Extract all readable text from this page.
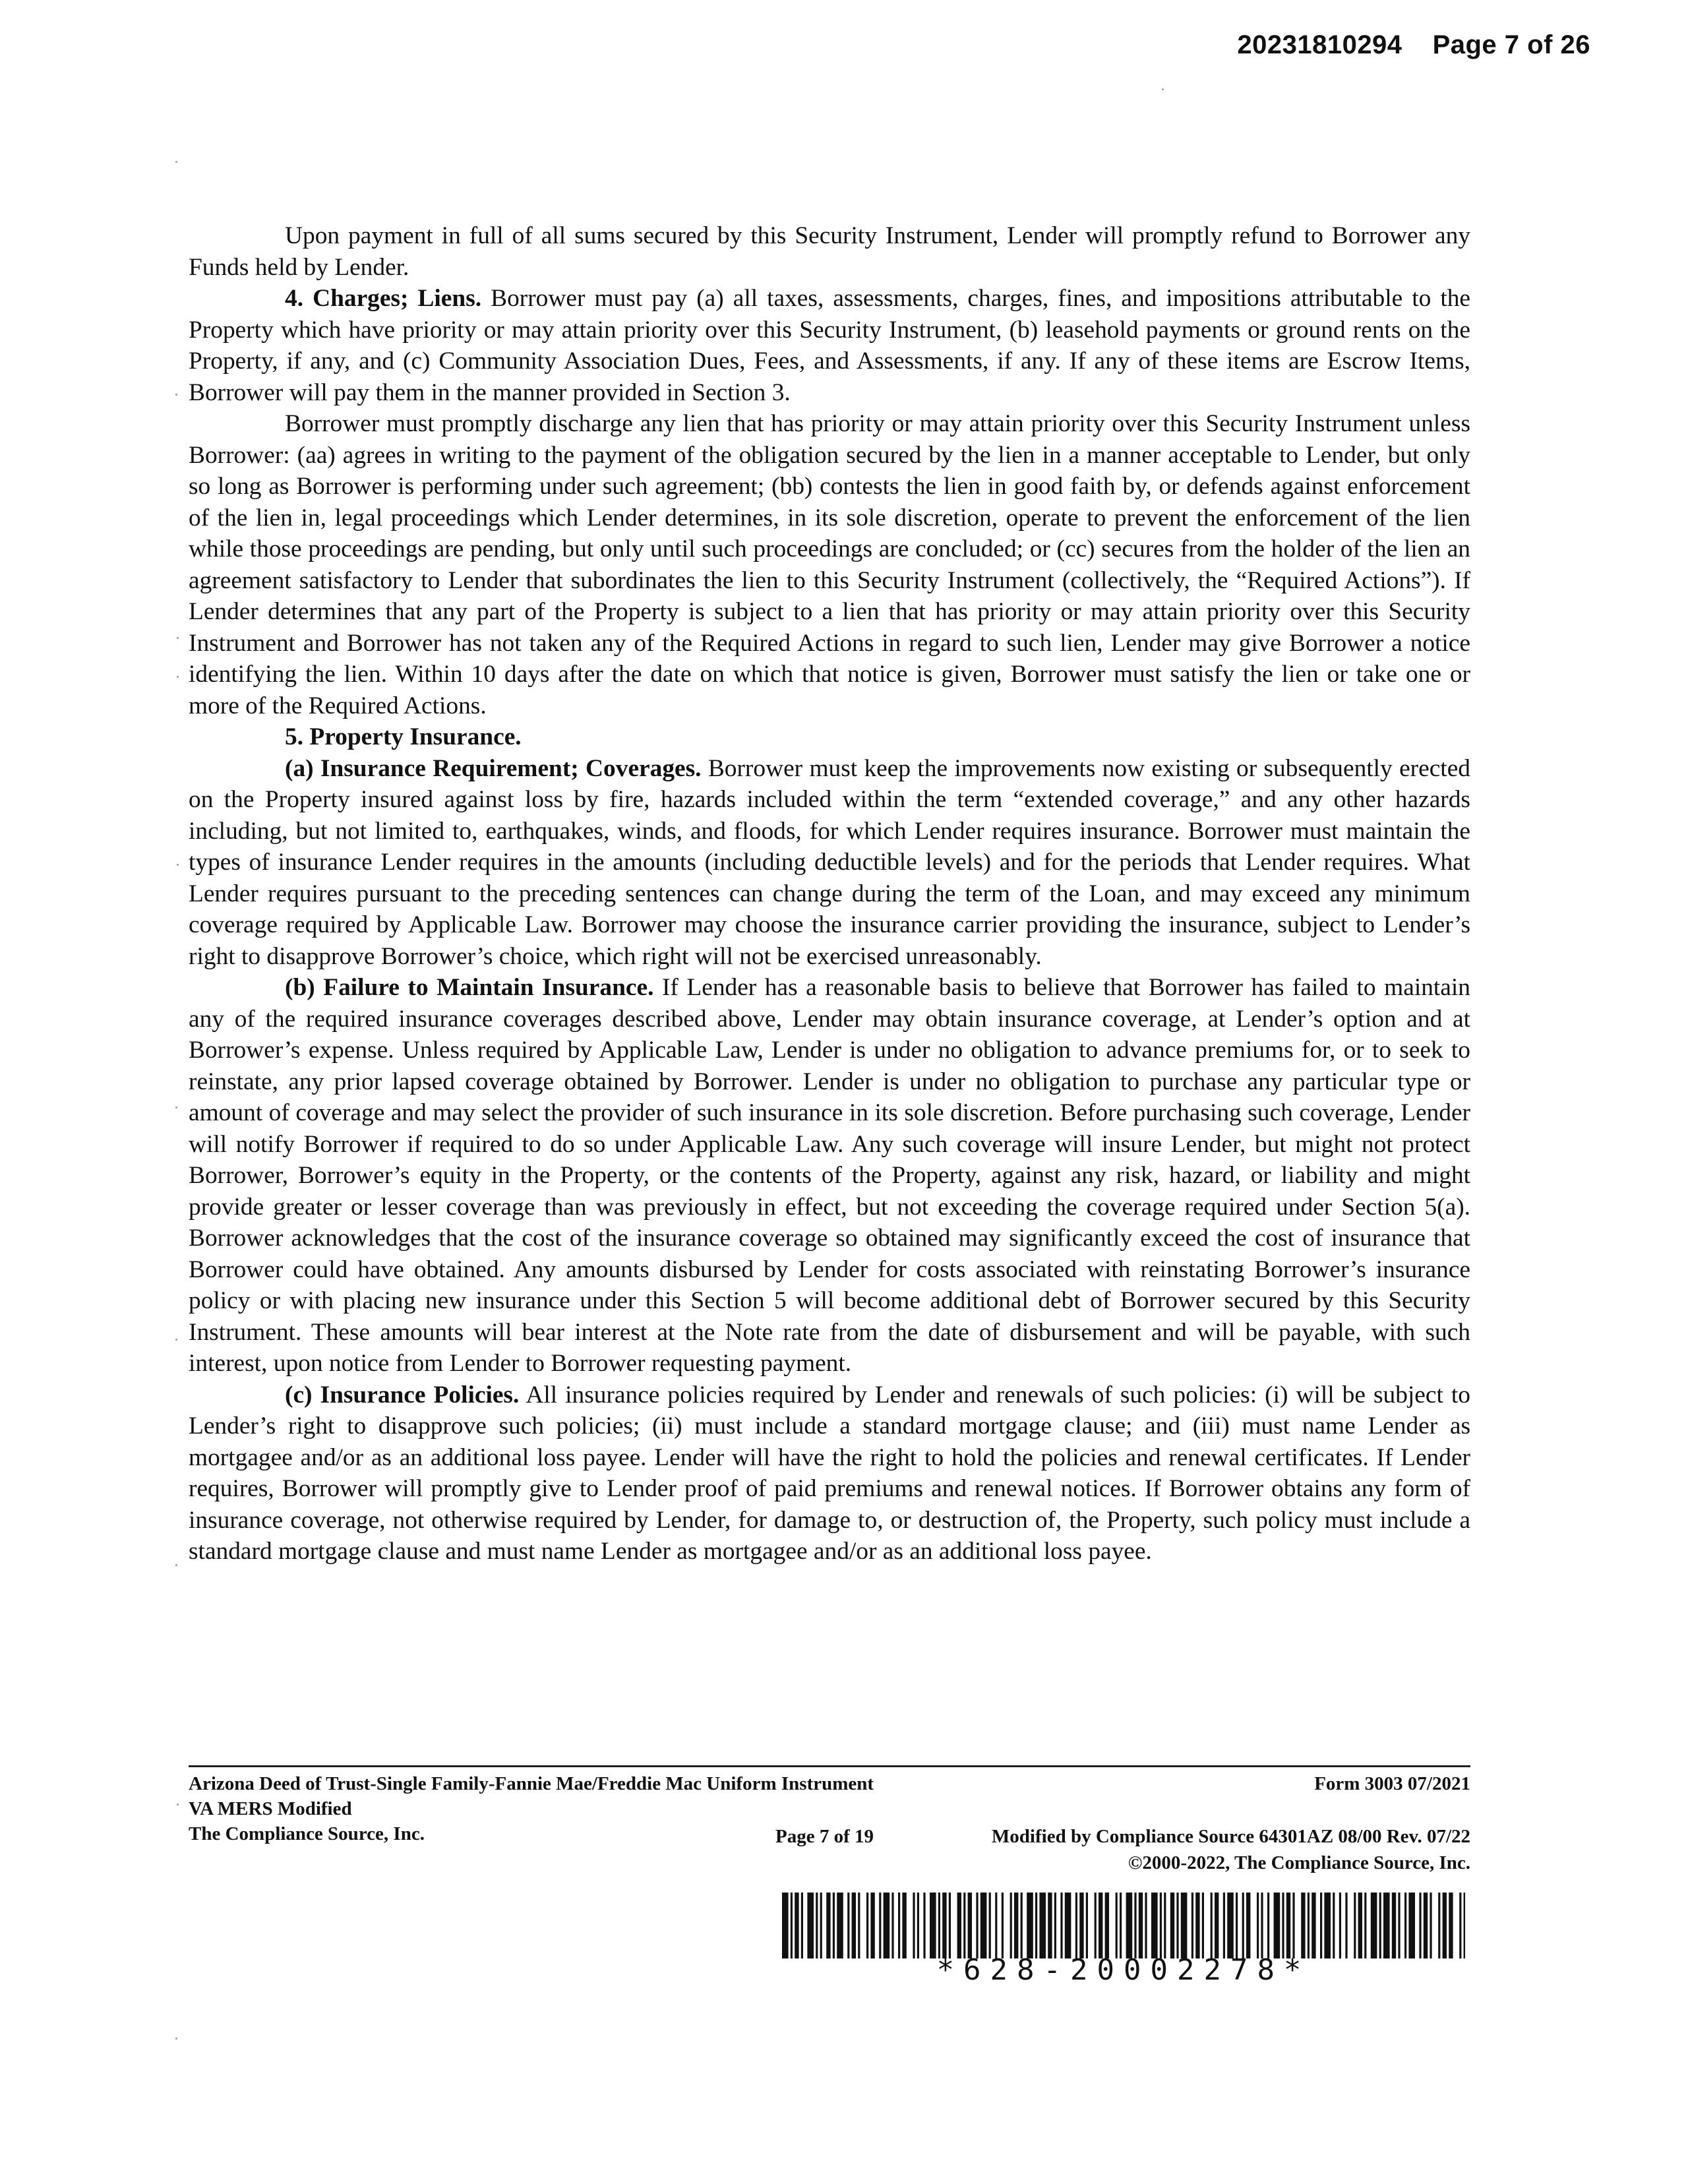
20231810294 Page 7 of 26

Upon payment in full of all sums secured by this Security Instrument, Lender will promptly refund to Borrower any Funds held by Lender.

4. Charges; Liens. Borrower must pay (a) all taxes, assessments, charges, fines, and impositions attributable to the Property which have priority or may attain priority over this Security Instrument, (b) leasehold payments or ground rents on the Property, if any, and (c) Community Association Dues, Fees, and Assessments, if any. If any of these items are Escrow Items, Borrower will pay them in the manner provided in Section 3.

Borrower must promptly discharge any lien that has priority or may attain priority over this Security Instrument unless Borrower: (aa) agrees in writing to the payment of the obligation secured by the lien in a manner acceptable to Lender, but only so long as Borrower is performing under such agreement; (bb) contests the lien in good faith by, or defends against enforcement of the lien in, legal proceedings which Lender determines, in its sole discretion, operate to prevent the enforcement of the lien while those proceedings are pending, but only until such proceedings are concluded; or (cc) secures from the holder of the lien an agreement satisfactory to Lender that subordinates the lien to this Security Instrument (collectively, the “Required Actions”). If Lender determines that any part of the Property is subject to a lien that has priority or may attain priority over this Security Instrument and Borrower has not taken any of the Required Actions in regard to such lien, Lender may give Borrower a notice identifying the lien. Within 10 days after the date on which that notice is given, Borrower must satisfy the lien or take one or more of the Required Actions.

5. Property Insurance.

(a) Insurance Requirement; Coverages. Borrower must keep the improvements now existing or subsequently erected on the Property insured against loss by fire, hazards included within the term “extended coverage,” and any other hazards including, but not limited to, earthquakes, winds, and floods, for which Lender requires insurance. Borrower must maintain the types of insurance Lender requires in the amounts (including deductible levels) and for the periods that Lender requires. What Lender requires pursuant to the preceding sentences can change during the term of the Loan, and may exceed any minimum coverage required by Applicable Law. Borrower may choose the insurance carrier providing the insurance, subject to Lender’s right to disapprove Borrower’s choice, which right will not be exercised unreasonably.

(b) Failure to Maintain Insurance. If Lender has a reasonable basis to believe that Borrower has failed to maintain any of the required insurance coverages described above, Lender may obtain insurance coverage, at Lender’s option and at Borrower’s expense. Unless required by Applicable Law, Lender is under no obligation to advance premiums for, or to seek to reinstate, any prior lapsed coverage obtained by Borrower. Lender is under no obligation to purchase any particular type or amount of coverage and may select the provider of such insurance in its sole discretion. Before purchasing such coverage, Lender will notify Borrower if required to do so under Applicable Law. Any such coverage will insure Lender, but might not protect Borrower, Borrower’s equity in the Property, or the contents of the Property, against any risk, hazard, or liability and might provide greater or lesser coverage than was previously in effect, but not exceeding the coverage required under Section 5(a). Borrower acknowledges that the cost of the insurance coverage so obtained may significantly exceed the cost of insurance that Borrower could have obtained. Any amounts disbursed by Lender for costs associated with reinstating Borrower’s insurance policy or with placing new insurance under this Section 5 will become additional debt of Borrower secured by this Security Instrument. These amounts will bear interest at the Note rate from the date of disbursement and will be payable, with such interest, upon notice from Lender to Borrower requesting payment.

(c) Insurance Policies. All insurance policies required by Lender and renewals of such policies: (i) will be subject to Lender’s right to disapprove such policies; (ii) must include a standard mortgage clause; and (iii) must name Lender as mortgagee and/or as an additional loss payee. Lender will have the right to hold the policies and renewal certificates. If Lender requires, Borrower will promptly give to Lender proof of paid premiums and renewal notices. If Borrower obtains any form of insurance coverage, not otherwise required by Lender, for damage to, or destruction of, the Property, such policy must include a standard mortgage clause and must name Lender as mortgagee and/or as an additional loss payee.

Arizona Deed of Trust-Single Family-Fannie Mae/Freddie Mac Uniform Instrument
VA MERS Modified
The Compliance Source, Inc.
Form 3003 07/2021
Page 7 of 19	Modified by Compliance Source 64301AZ 08/00 Rev. 07/22
©2000-2022, The Compliance Source, Inc.
*628-20002278*
